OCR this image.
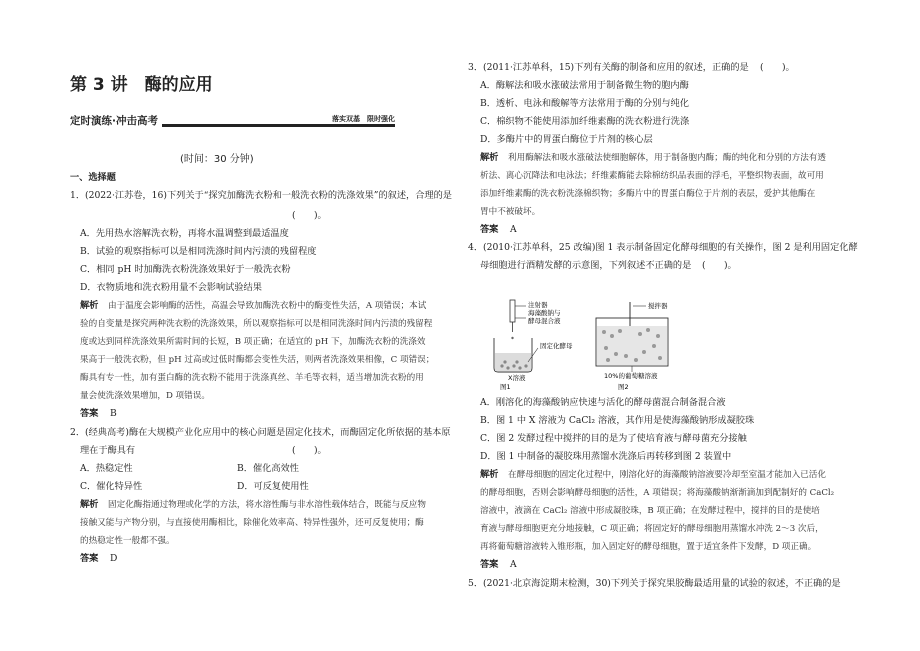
第 3 讲　酶的应用
定时演练·冲击高考	落实双基　限时强化
(时间：30 分钟)
一、选择题
1．(2022·江苏卷，16)下列关于“探究加酶洗衣粉和一般洗衣粉的洗涤效果”的叙述，合理的是
(　　)。
A．先用热水溶解洗衣粉，再将水温调整到最适温度
B．试验的观察指标可以是相同洗涤时间内污渍的残留程度
C．相同 pH 时加酶洗衣粉洗涤效果好于一般洗衣粉
D．衣物质地和洗衣粉用量不会影响试验结果
解析 由于温度会影响酶的活性，高温会导致加酶洗衣粉中的酶变性失活，A 项错误；本试
验的自变量是探究两种洗衣粉的洗涤效果，所以观察指标可以是相同洗涤时间内污渍的残留程
度或达到同样洗涤效果所需时间的长短，B 项正确；在适宜的 pH 下，加酶洗衣粉的洗涤效
果高于一般洗衣粉，但 pH 过高或过低时酶都会变性失活，则两者洗涤效果相像，C 项错误；
酶具有专一性，加有蛋白酶的洗衣粉不能用于洗涤真丝、羊毛等衣料，适当增加洗衣粉的用
量会使洗涤效果增加，D 项错误。
答案 B
2．(经典高考)酶在大规模产业化应用中的核心问题是固定化技术，而酶固定化所依据的基本原
理在于酶具有	(　　)。
A．热稳定性	B．催化高效性
C．催化特异性	D．可反复使用性
解析 固定化酶指通过物理或化学的方法，将水溶性酶与非水溶性载体结合，既能与反应物
接触又能与产物分别，与直接使用酶相比，除催化效率高、特异性强外，还可反复使用；酶
的热稳定性一般都不强。
答案 D
3．(2011·江苏单科，15)下列有关酶的制备和应用的叙述，正确的是 (　　)。
A．酶解法和吸水涨破法常用于制备微生物的胞内酶
B．透析、电泳和酸解等方法常用于酶的分别与纯化
C．棉织物不能使用添加纤维素酶的洗衣粉进行洗涤
D．多酶片中的胃蛋白酶位于片剂的核心层
解析 利用酶解法和吸水涨破法使细胞解体，用于制备胞内酶；酶的纯化和分别的方法有透
析法、离心沉降法和电泳法；纤维素酶能去除棉纺织品表面的浮毛，平整织物表面，故可用
添加纤维素酶的洗衣粉洗涤棉织物；多酶片中的胃蛋白酶位于片剂的表层，爱护其他酶在
胃中不被破坏。
答案 A
4．(2010·江苏单科，25 改编)图 1 表示制备固定化酵母细胞的有关操作，图 2 是利用固定化酵
母细胞进行酒精发酵的示意图，下列叙述不正确的是 (　　)。
注射器
海藻酸钠与
酵母混合液
固定化酵母
X溶液
搅拌器
10%的葡萄糖溶液
图1	图2
A．刚溶化的海藻酸钠应快速与活化的酵母菌混合制备混合液
B．图 1 中 X 溶液为 CaCl₂ 溶液，其作用是使海藻酸钠形成凝胶珠
C．图 2 发酵过程中搅拌的目的是为了使培育液与酵母菌充分接触
D．图 1 中制备的凝胶珠用蒸馏水洗涤后再转移到图 2 装置中
解析 在酵母细胞的固定化过程中，刚溶化好的海藻酸钠溶液要冷却至室温才能加入已活化
的酵母细胞，否则会影响酵母细胞的活性，A 项错误；将海藻酸钠渐渐滴加到配制好的 CaCl₂
溶液中，液滴在 CaCl₂ 溶液中形成凝胶珠，B 项正确；在发酵过程中，搅拌的目的是使培
育液与酵母细胞更充分地接触，C 项正确；将固定好的酵母细胞用蒸馏水冲洗 2～3 次后，
再将葡萄糖溶液转入锥形瓶，加入固定好的酵母细胞，置于适宜条件下发酵，D 项正确。
答案 A
5．(2021·北京海淀期末检测，30)下列关于探究果胶酶最适用量的试验的叙述，不正确的是
